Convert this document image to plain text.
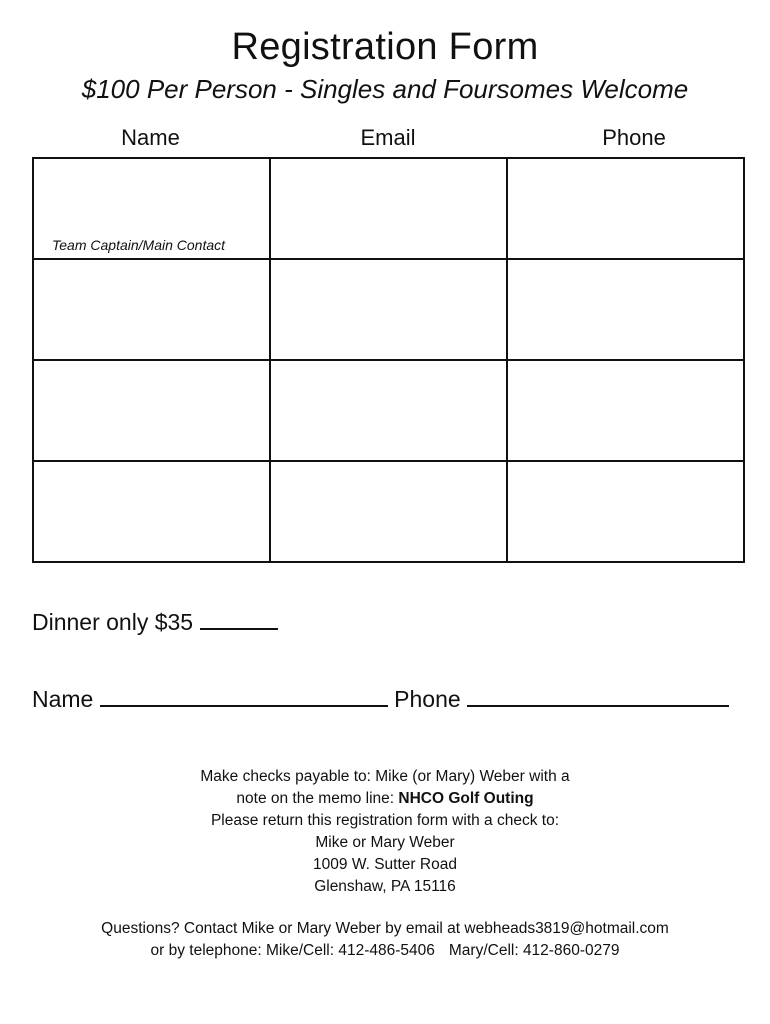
Registration Form
$100 Per Person - Singles and Foursomes Welcome
Name	Email	Phone
Team Captain/Main Contact		

Dinner only $35
Name	Phone
Make checks payable to: Mike (or Mary) Weber with a
note on the memo line: NHCO Golf Outing
Please return this registration form with a check to:
Mike or Mary Weber
1009 W. Sutter Road
Glenshaw, PA 15116
Questions? Contact Mike or Mary Weber by email at webheads3819@hotmail.com
or by telephone: Mike/Cell: 412-486-5406 Mary/Cell: 412-860-0279
